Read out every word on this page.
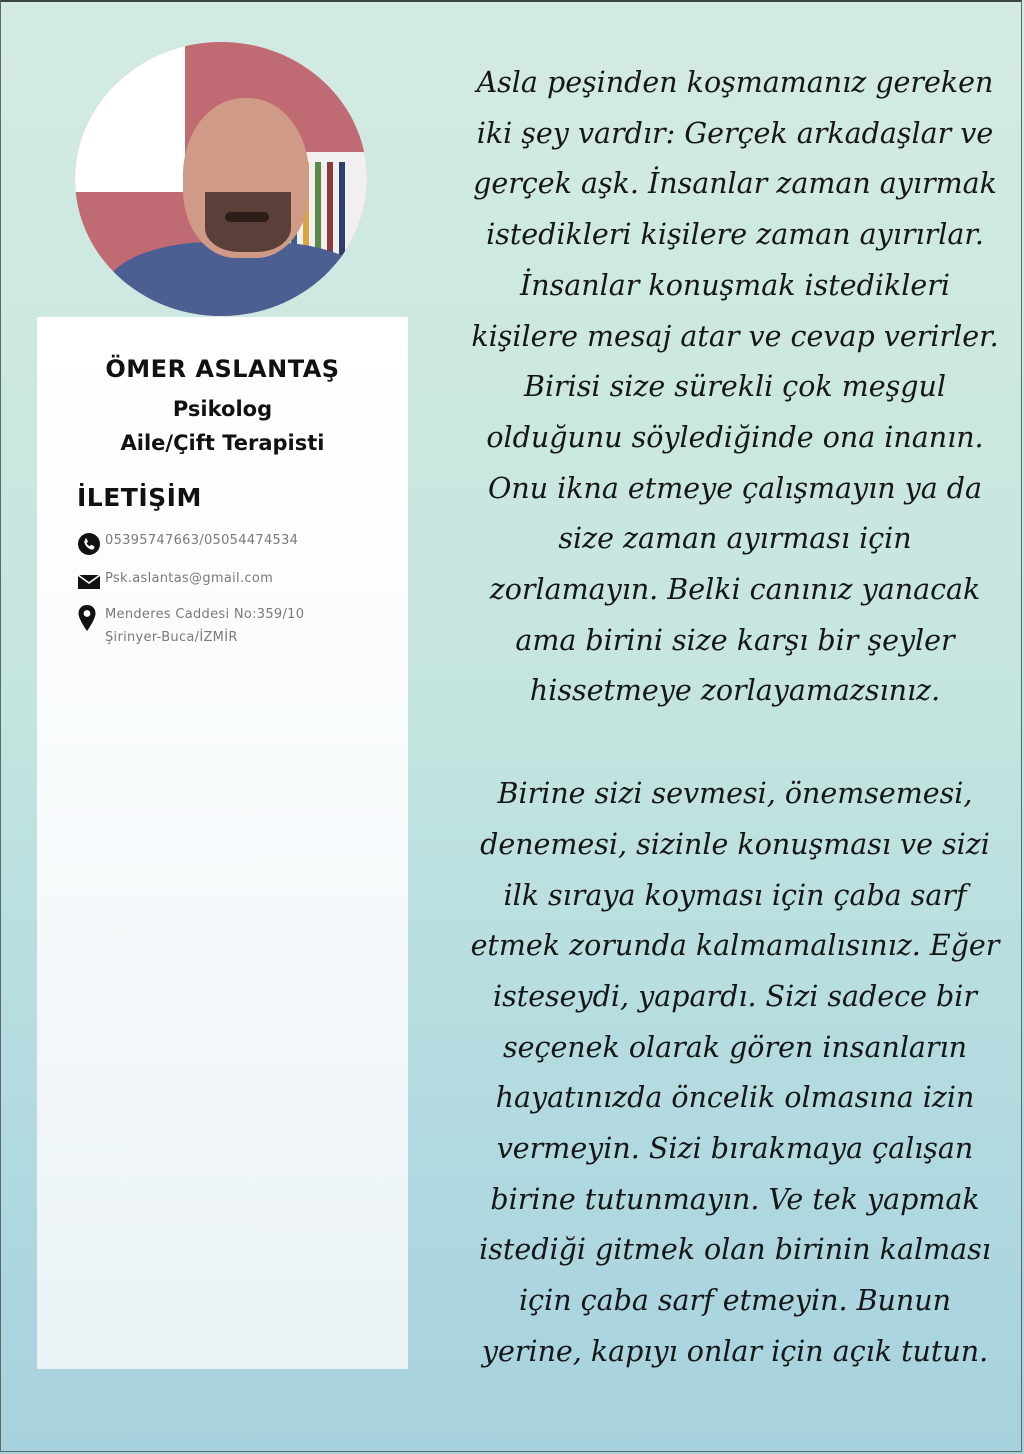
ÖMER ASLANTAŞ
Psikolog
Aile/Çift Terapisti
İLETİŞİM
05395747663/05054474534
Psk.aslantas@gmail.com
Menderes Caddesi No:359/10
Şirinyer-Buca/İZMİR

Asla peşinden koşmamanız gereken

iki şey vardır: Gerçek arkadaşlar ve

gerçek aşk. İnsanlar zaman ayırmak

istedikleri kişilere zaman ayırırlar.

İnsanlar konuşmak istedikleri

kişilere mesaj atar ve cevap verirler.

Birisi size sürekli çok meşgul

olduğunu söylediğinde ona inanın.

Onu ikna etmeye çalışmayın ya da

size zaman ayırması için

zorlamayın. Belki canınız yanacak

ama birini size karşı bir şeyler

hissetmeye zorlayamazsınız.

Birine sizi sevmesi, önemsemesi,

denemesi, sizinle konuşması ve sizi

ilk sıraya koyması için çaba sarf

etmek zorunda kalmamalısınız. Eğer

isteseydi, yapardı. Sizi sadece bir

seçenek olarak gören insanların

hayatınızda öncelik olmasına izin

vermeyin. Sizi bırakmaya çalışan

birine tutunmayın. Ve tek yapmak

istediği gitmek olan birinin kalması

için çaba sarf etmeyin. Bunun

yerine, kapıyı onlar için açık tutun.
